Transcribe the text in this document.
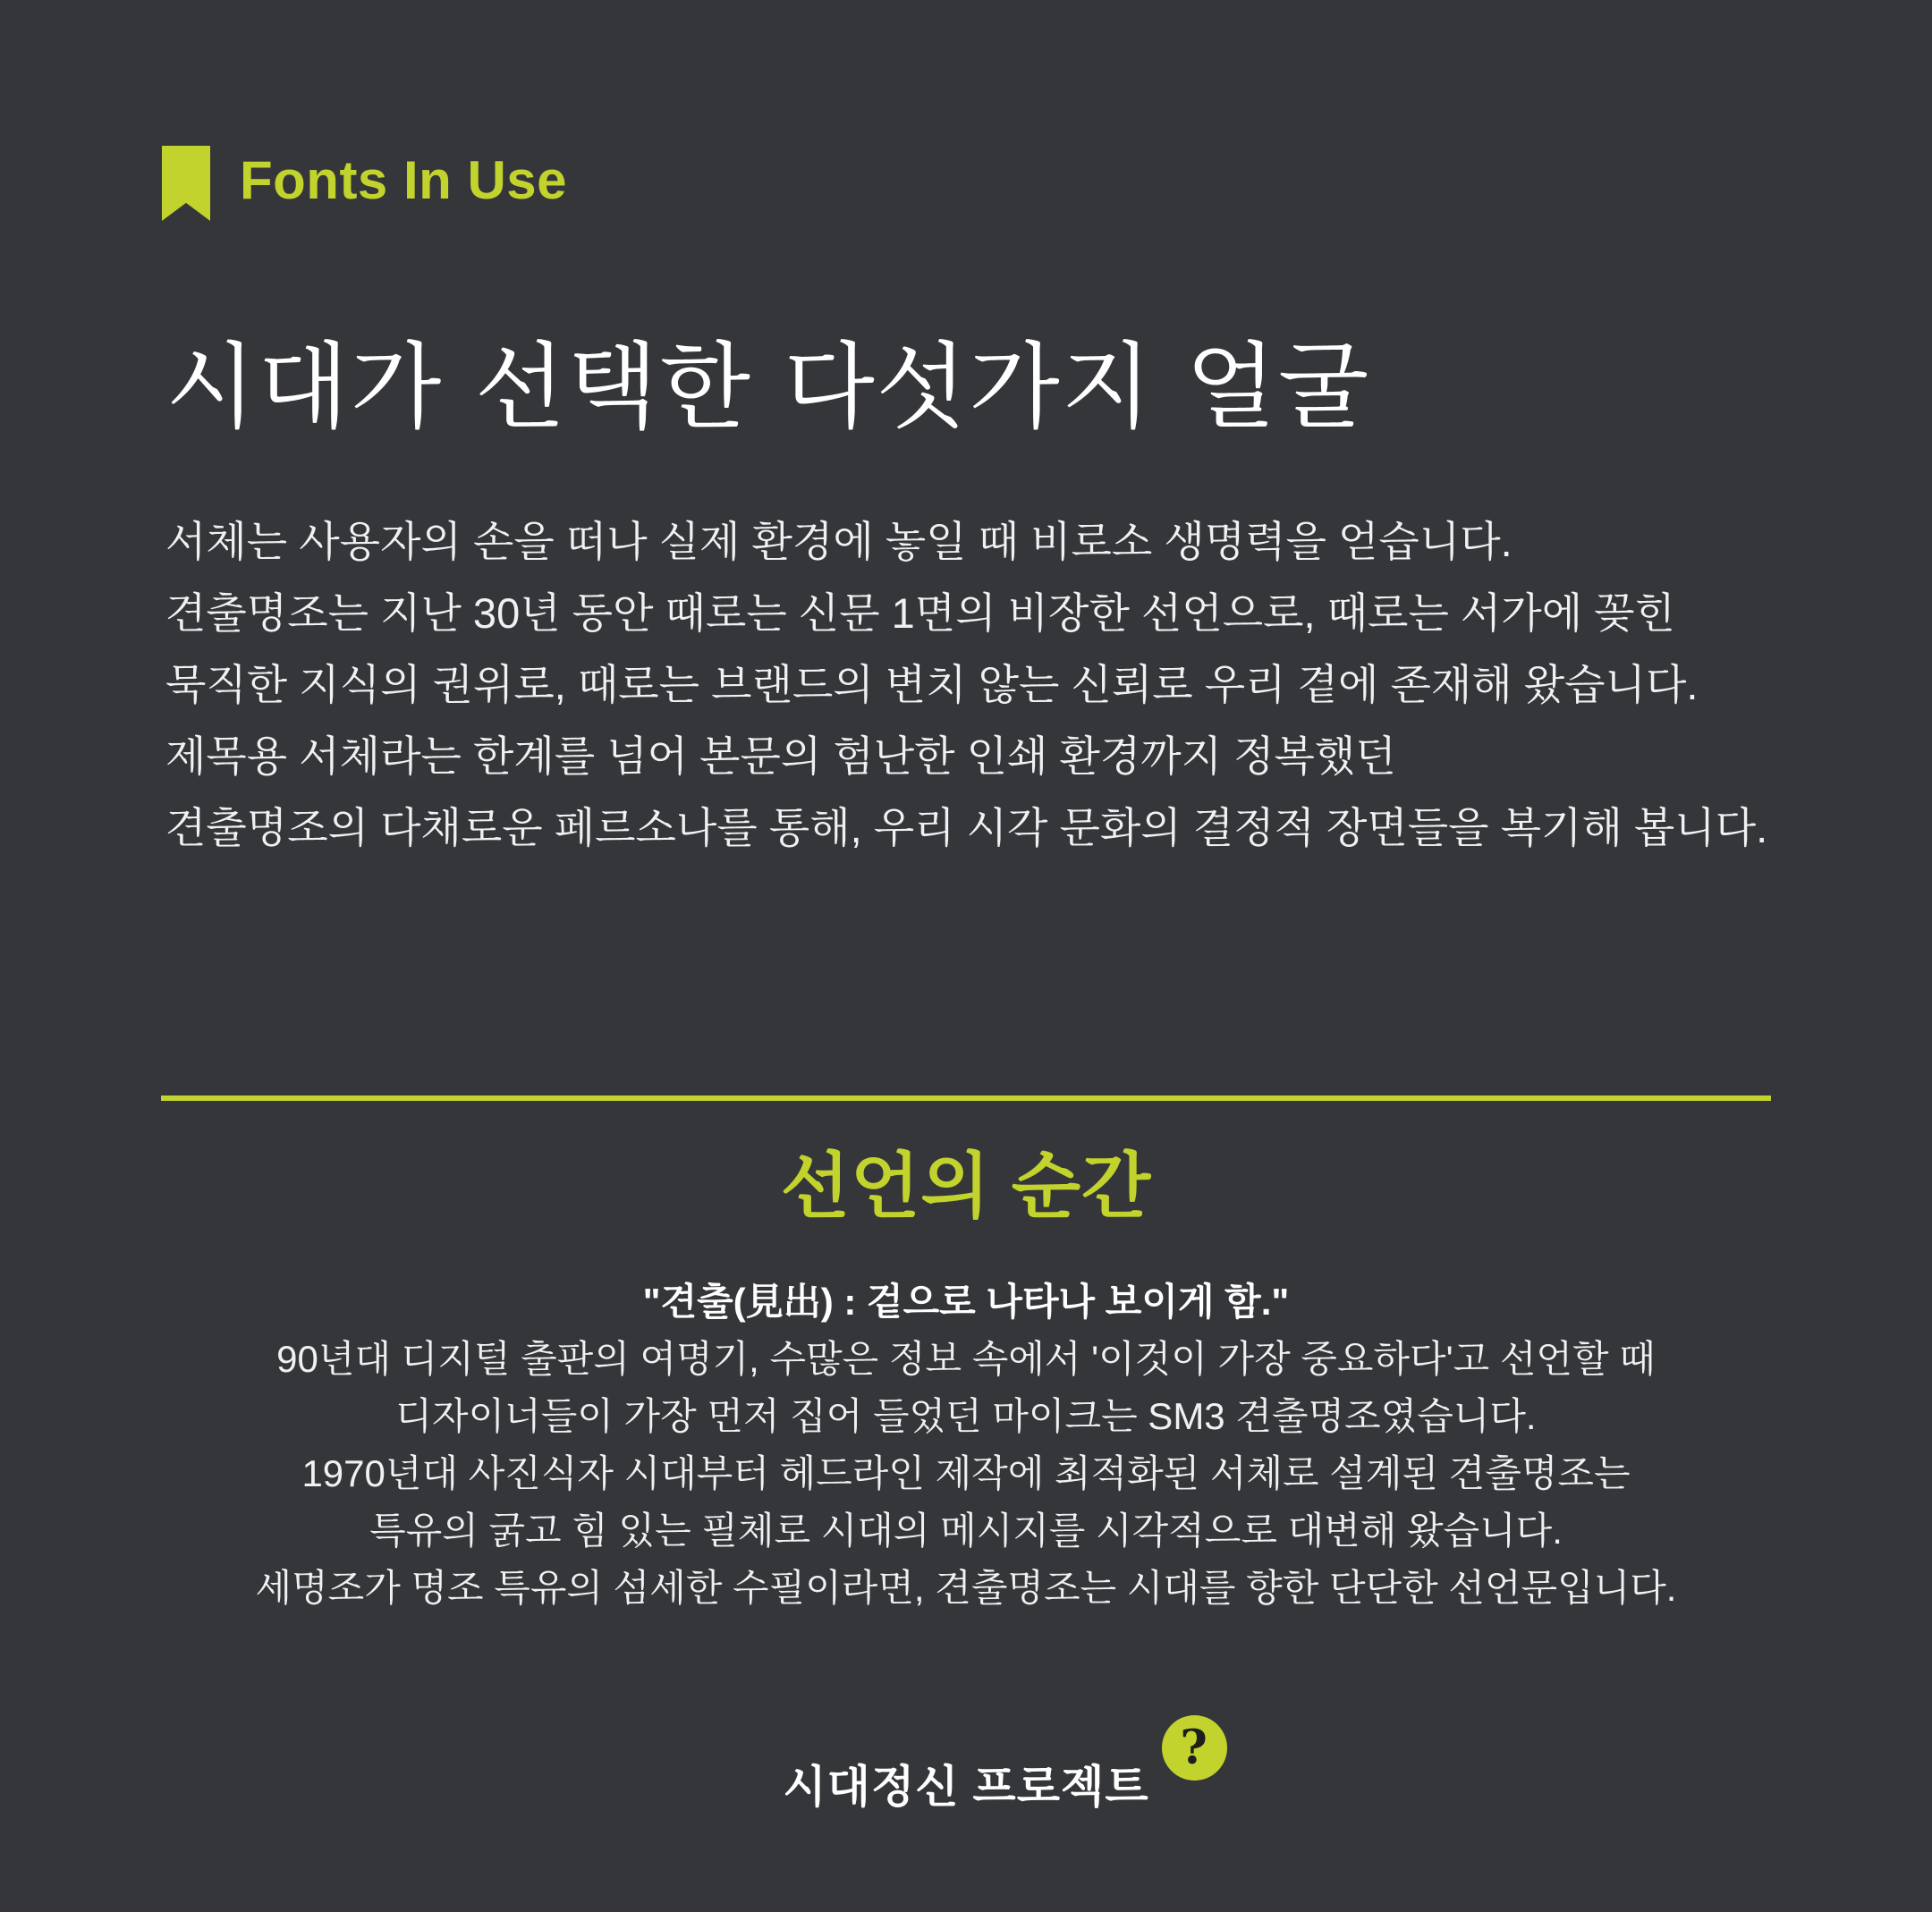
Fonts In Use
시대가 선택한 다섯가지 얼굴
서체는 사용자의 손을 떠나 실제 환경에 놓일 때 비로소 생명력을 얻습니다.
견출명조는 지난 30년 동안 때로는 신문 1면의 비장한 선언으로, 때로는 서가에 꽂힌
묵직한 지식의 권위로, 때로는 브랜드의 변치 않는 신뢰로 우리 곁에 존재해 왔습니다.
제목용 서체라는 한계를 넘어 본문의 험난한 인쇄 환경까지 정복했던
견출명조의 다채로운 페르소나를 통해, 우리 시각 문화의 결정적 장면들을 복기해 봅니다.
선언의 순간
"견출(見出) : 겉으로 나타나 보이게 함."
90년대 디지털 출판의 여명기, 수많은 정보 속에서 '이것이 가장 중요하다'고 선언할 때
디자이너들이 가장 먼저 집어 들었던 마이크는 SM3 견출명조였습니다.
1970년대 사진식자 시대부터 헤드라인 제작에 최적화된 서체로 설계된 견출명조는
특유의 굵고 힘 있는 필체로 시대의 메시지를 시각적으로 대변해 왔습니다.
세명조가 명조 특유의 섬세한 수필이라면, 견출명조는 시대를 향한 단단한 선언문입니다.
시대정신 프로젝트
?
